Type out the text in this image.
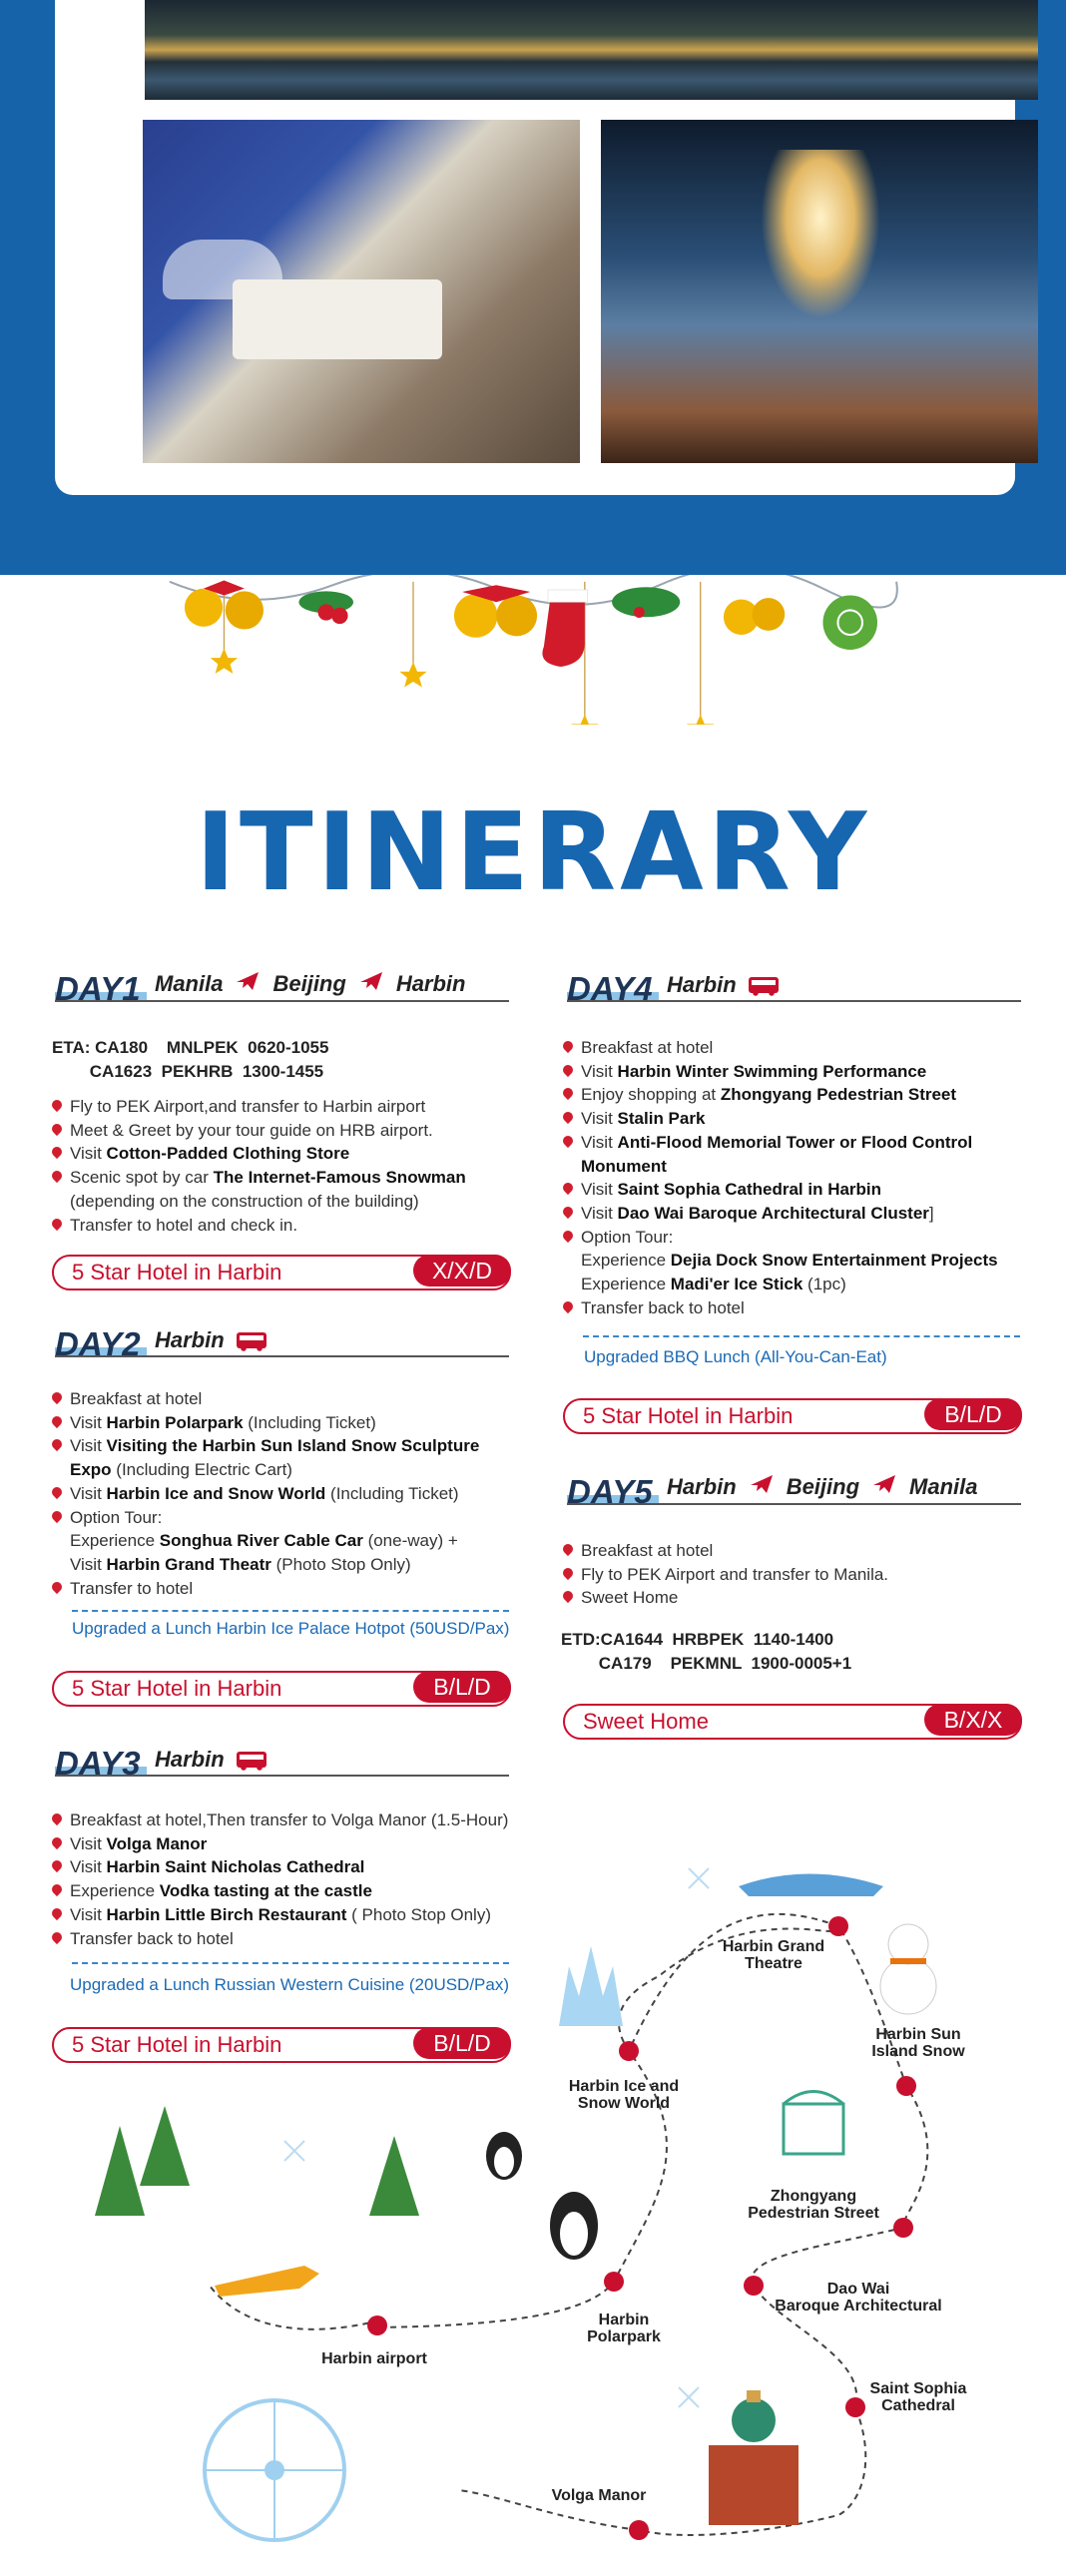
ITINERARY
DAY1 Manila Beijing Harbin
ETA: CA180    MNLPEK  0620-1055
CA1623  PEKHRB  1300-1455
Fly to PEK Airport,and transfer to Harbin airport
Meet & Greet by your tour guide on HRB airport.
Visit Cotton-Padded Clothing Store
Scenic spot by car The Internet-Famous Snowman
(depending on the construction of the building)
Transfer to hotel and check in.
5 Star Hotel in Harbin	X/X/D
DAY2 Harbin
Breakfast at hotel
Visit Harbin Polarpark (Including Ticket)
Visit Visiting the Harbin Sun Island Snow Sculpture
Expo (Including Electric Cart)
Visit Harbin Ice and Snow World (Including Ticket)
Option Tour:
Experience Songhua River Cable Car (one-way) +
Visit Harbin Grand Theatr (Photo Stop Only)
Transfer to hotel
Upgraded a Lunch Harbin Ice Palace Hotpot (50USD/Pax)
5 Star Hotel in Harbin	B/L/D
DAY3 Harbin
Breakfast at hotel,Then transfer to Volga Manor (1.5-Hour)
Visit Volga Manor
Visit Harbin Saint Nicholas Cathedral
Experience Vodka tasting at the castle
Visit Harbin Little Birch Restaurant ( Photo Stop Only)
Transfer back to hotel
Upgraded a Lunch Russian Western Cuisine (20USD/Pax)
5 Star Hotel in Harbin	B/L/D
DAY4 Harbin
Breakfast at hotel
Visit Harbin Winter Swimming Performance
Enjoy shopping at Zhongyang Pedestrian Street
Visit Stalin Park
Visit Anti-Flood Memorial Tower or Flood Control
Monument
Visit Saint Sophia Cathedral in Harbin
Visit Dao Wai Baroque Architectural Cluster]
Option Tour:
Experience Dejia Dock Snow Entertainment Projects
Experience Madi'er Ice Stick (1pc)
Transfer back to hotel
Upgraded BBQ Lunch (All-You-Can-Eat)
5 Star Hotel in Harbin	B/L/D
DAY5 Harbin Beijing Manila
Breakfast at hotel
Fly to PEK Airport and transfer to Manila.
Sweet Home
ETD:CA1644  HRBPEK  1140-1400
CA179    PEKMNL  1900-0005+1
Sweet Home	B/X/X
Harbin Grand
Theatre
Harbin Sun
Island Snow
Harbin Ice and
Snow World
Zhongyang
Pedestrian Street
Dao Wai
Baroque Architectural
Harbin
Polarpark
Harbin airport
Saint Sophia
Cathedral
Volga Manor
